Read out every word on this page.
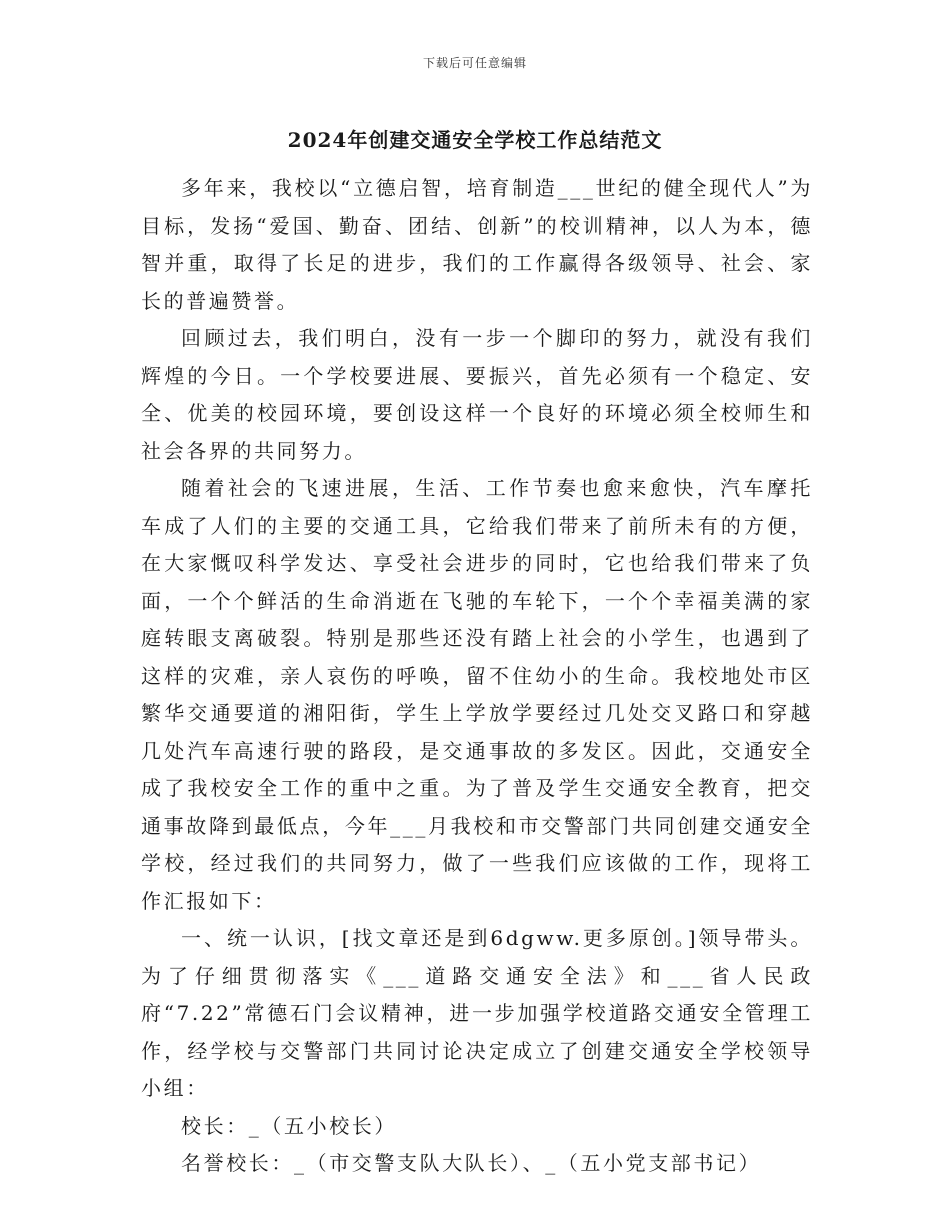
下载后可任意编辑
2024年创建交通安全学校工作总结范文

多年来，我校以“立德启智，培育制造___世纪的健全现代人”为目标，发扬“爱国、勤奋、团结、创新”的校训精神，以人为本，德智并重，取得了长足的进步，我们的工作赢得各级领导、社会、家长的普遍赞誉。

回顾过去，我们明白，没有一步一个脚印的努力，就没有我们辉煌的今日。一个学校要进展、要振兴，首先必须有一个稳定、安全、优美的校园环境，要创设这样一个良好的环境必须全校师生和社会各界的共同努力。

随着社会的飞速进展，生活、工作节奏也愈来愈快，汽车摩托车成了人们的主要的交通工具，它给我们带来了前所未有的方便，在大家慨叹科学发达、享受社会进步的同时，它也给我们带来了负面，一个个鲜活的生命消逝在飞驰的车轮下，一个个幸福美满的家庭转眼支离破裂。特别是那些还没有踏上社会的小学生，也遇到了这样的灾难，亲人哀伤的呼唤，留不住幼小的生命。我校地处市区繁华交通要道的湘阳街，学生上学放学要经过几处交叉路口和穿越几处汽车高速行驶的路段，是交通事故的多发区。因此，交通安全成了我校安全工作的重中之重。为了普及学生交通安全教育，把交通事故降到最低点，今年___月我校和市交警部门共同创建交通安全学校，经过我们的共同努力，做了一些我们应该做的工作，现将工作汇报如下：

一、统一认识，[找文章还是到6dgww.更多原创。]领导带头。为了仔细贯彻落实《___道路交通安全法》和___省人民政府“7.22”常德石门会议精神，进一步加强学校道路交通安全管理工作，经学校与交警部门共同讨论决定成立了创建交通安全学校领导小组：

校长：_（五小校长）

名誉校长：_（市交警支队大队长）、_（五小党支部书记）
